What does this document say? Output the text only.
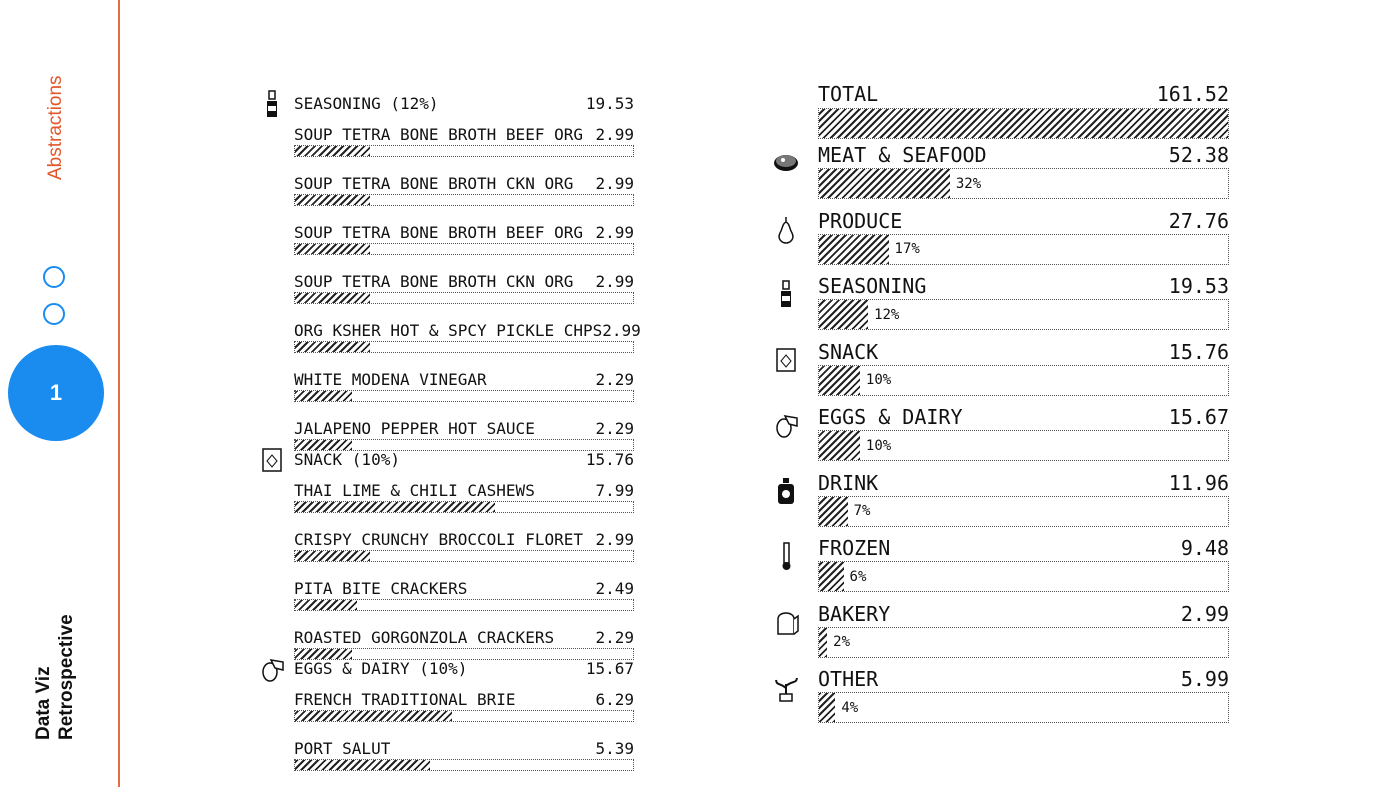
Abstractions
1
Data Viz Retrospective
SEASONING (12%)	19.53
SOUP TETRA BONE BROTH BEEF ORG 2.99
SOUP TETRA BONE BROTH CKN ORG 2.99
SOUP TETRA BONE BROTH BEEF ORG 2.99
SOUP TETRA BONE BROTH CKN ORG 2.99
ORG KSHER HOT & SPCY PICKLE CHPS 2.99
WHITE MODENA VINEGAR	2.29
JALAPENO PEPPER HOT SAUCE	2.29
SNACK (10%)	15.76
THAI LIME & CHILI CASHEWS	7.99
CRISPY CRUNCHY BROCCOLI FLORET 2.99
PITA BITE CRACKERS	2.49
ROASTED GORGONZOLA CRACKERS	2.29
EGGS & DAIRY (10%)	15.67
FRENCH TRADITIONAL BRIE	6.29
PORT SALUT	5.39
TOTAL	161.52
MEAT & SEAFOOD	52.38
32%
PRODUCE	27.76
17%
SEASONING	19.53
12%
SNACK	15.76
10%
EGGS & DAIRY	15.67
10%
DRINK	11.96
7%
FROZEN	9.48
6%
BAKERY	2.99
2%
OTHER	5.99
4%
